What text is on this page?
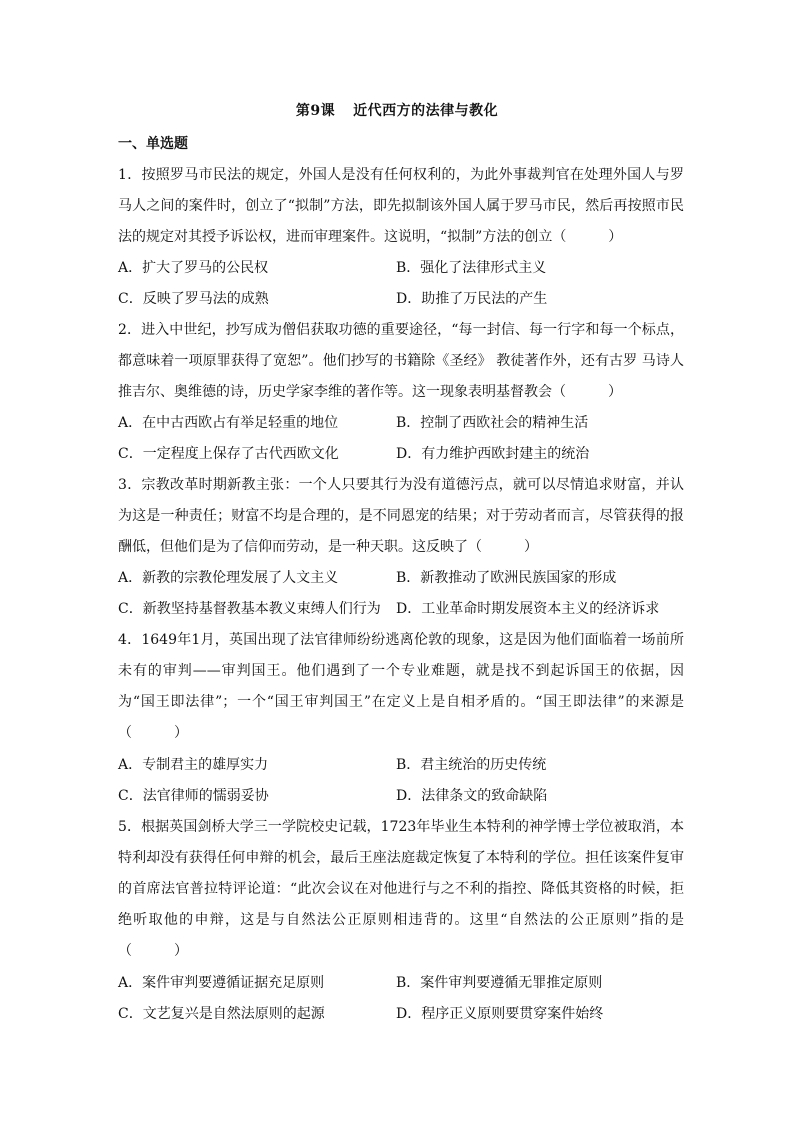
第9课 近代西方的法律与教化
一、单选题
1．按照罗马市民法的规定，外国人是没有任何权利的，为此外事裁判官在处理外国人与罗马人之间的案件时，创立了“拟制”方法，即先拟制该外国人属于罗马市民，然后再按照市民法的规定对其授予诉讼权，进而审理案件。这说明，“拟制”方法的创立（　　　）
A．扩大了罗马的公民权	B．强化了法律形式主义
C．反映了罗马法的成熟	D．助推了万民法的产生
2．进入中世纪，抄写成为僧侣获取功德的重要途径，“每一封信、每一行字和每一个标点，都意味着一项原罪获得了宽恕”。他们抄写的书籍除《圣经》 教徒著作外，还有古罗 马诗人推吉尔、奥维德的诗，历史学家李维的著作等。这一现象表明基督教会（　　　）
A．在中古西欧占有举足轻重的地位	B．控制了西欧社会的精神生活
C．一定程度上保存了古代西欧文化	D．有力维护西欧封建主的统治
3．宗教改革时期新教主张：一个人只要其行为没有道德污点，就可以尽情追求财富，并认为这是一种责任；财富不均是合理的，是不同恩宠的结果；对于劳动者而言，尽管获得的报酬低，但他们是为了信仰而劳动，是一种天职。这反映了（　　　）
A．新教的宗教伦理发展了人文主义	B．新教推动了欧洲民族国家的形成
C．新教坚持基督教基本教义束缚人们行为 D．工业革命时期发展资本主义的经济诉求
4．1649年1月，英国出现了法官律师纷纷逃离伦敦的现象，这是因为他们面临着一场前所未有的审判——审判国王。他们遇到了一个专业难题，就是找不到起诉国王的依据，因为“国王即法律”；一个“国王审判国王”在定义上是自相矛盾的。“国王即法律”的来源是（　　　）
A．专制君主的雄厚实力	B．君主统治的历史传统
C．法官律师的懦弱妥协	D．法律条文的致命缺陷
5．根据英国剑桥大学三一学院校史记载，1723年毕业生本特利的神学博士学位被取消，本特利却没有获得任何申辩的机会，最后王座法庭裁定恢复了本特利的学位。担任该案件复审的首席法官普拉特评论道：“此次会议在对他进行与之不利的指控、降低其资格的时候，拒绝听取他的申辩，这是与自然法公正原则相违背的。这里“自然法的公正原则”指的是（　　　）
A．案件审判要遵循证据充足原则	B．案件审判要遵循无罪推定原则
C．文艺复兴是自然法原则的起源	D．程序正义原则要贯穿案件始终
